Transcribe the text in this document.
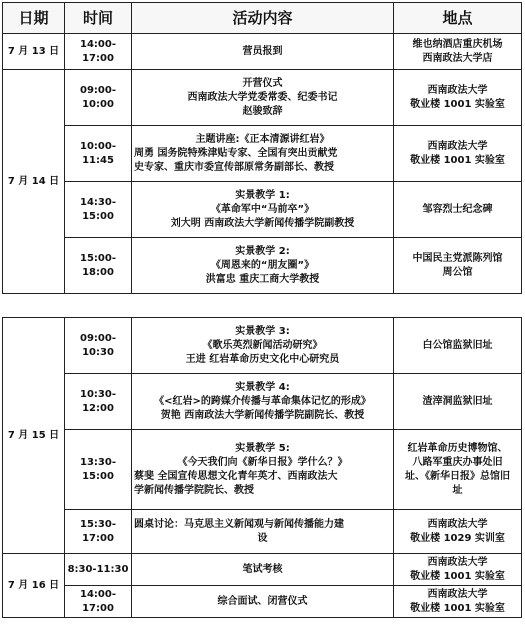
日期	时间	活动内容	地点
7 月 13 日	14:00-17:00	营员报到	维也纳酒店重庆机场
西南政法大学店

7 月 14 日	09:00-10:00	开营仪式
西南政法大学党委常委、纪委书记
赵骏致辞	西南政法大学
敬业楼 1001 实验室

	10:00-11:45	主题讲座:《正本清源讲红岩》
周勇 国务院特殊津贴专家、全国有突出贡献党
史专家、重庆市委宣传部原常务副部长、教授	西南政法大学
敬业楼 1001 实验室

	14:30-15:00	实景教学 1:
《革命军中“马前卒”》
刘大明 西南政法大学新闻传播学院副教授	邹容烈士纪念碑

	15:00-18:00	实景教学 2:
《周恩来的“朋友圈”》
洪富忠 重庆工商大学教授	中国民主党派陈列馆
周公馆
7 月 15 日	09:00-10:30	实景教学 3:
《歌乐英烈新闻活动研究》
王进 红岩革命历史文化中心研究员	白公馆监狱旧址

	10:30-12:00	实景教学 4:
《<红岩>的跨媒介传播与革命集体记忆的形成》
贺艳 西南政法大学新闻传播学院副院长、教授	渣滓洞监狱旧址

	13:30-15:00	实景教学 5:
《今天我们向《新华日报》学什么？》
蔡斐 全国宣传思想文化青年英才、西南政法大
学新闻传播学院院长、教授	红岩革命历史博物馆、
八路军重庆办事处旧
址、《新华日报》总馆旧
址

	15:30-17:00	圆桌讨论：马克思主义新闻观与新闻传播能力建
设	西南政法大学
敬业楼 1029 实训室

7 月 16 日	8:30-11:30	笔试考核	西南政法大学
敬业楼 1001 实验室

	14:00-17:00	综合面试、闭营仪式	西南政法大学
敬业楼 1001 实验室
